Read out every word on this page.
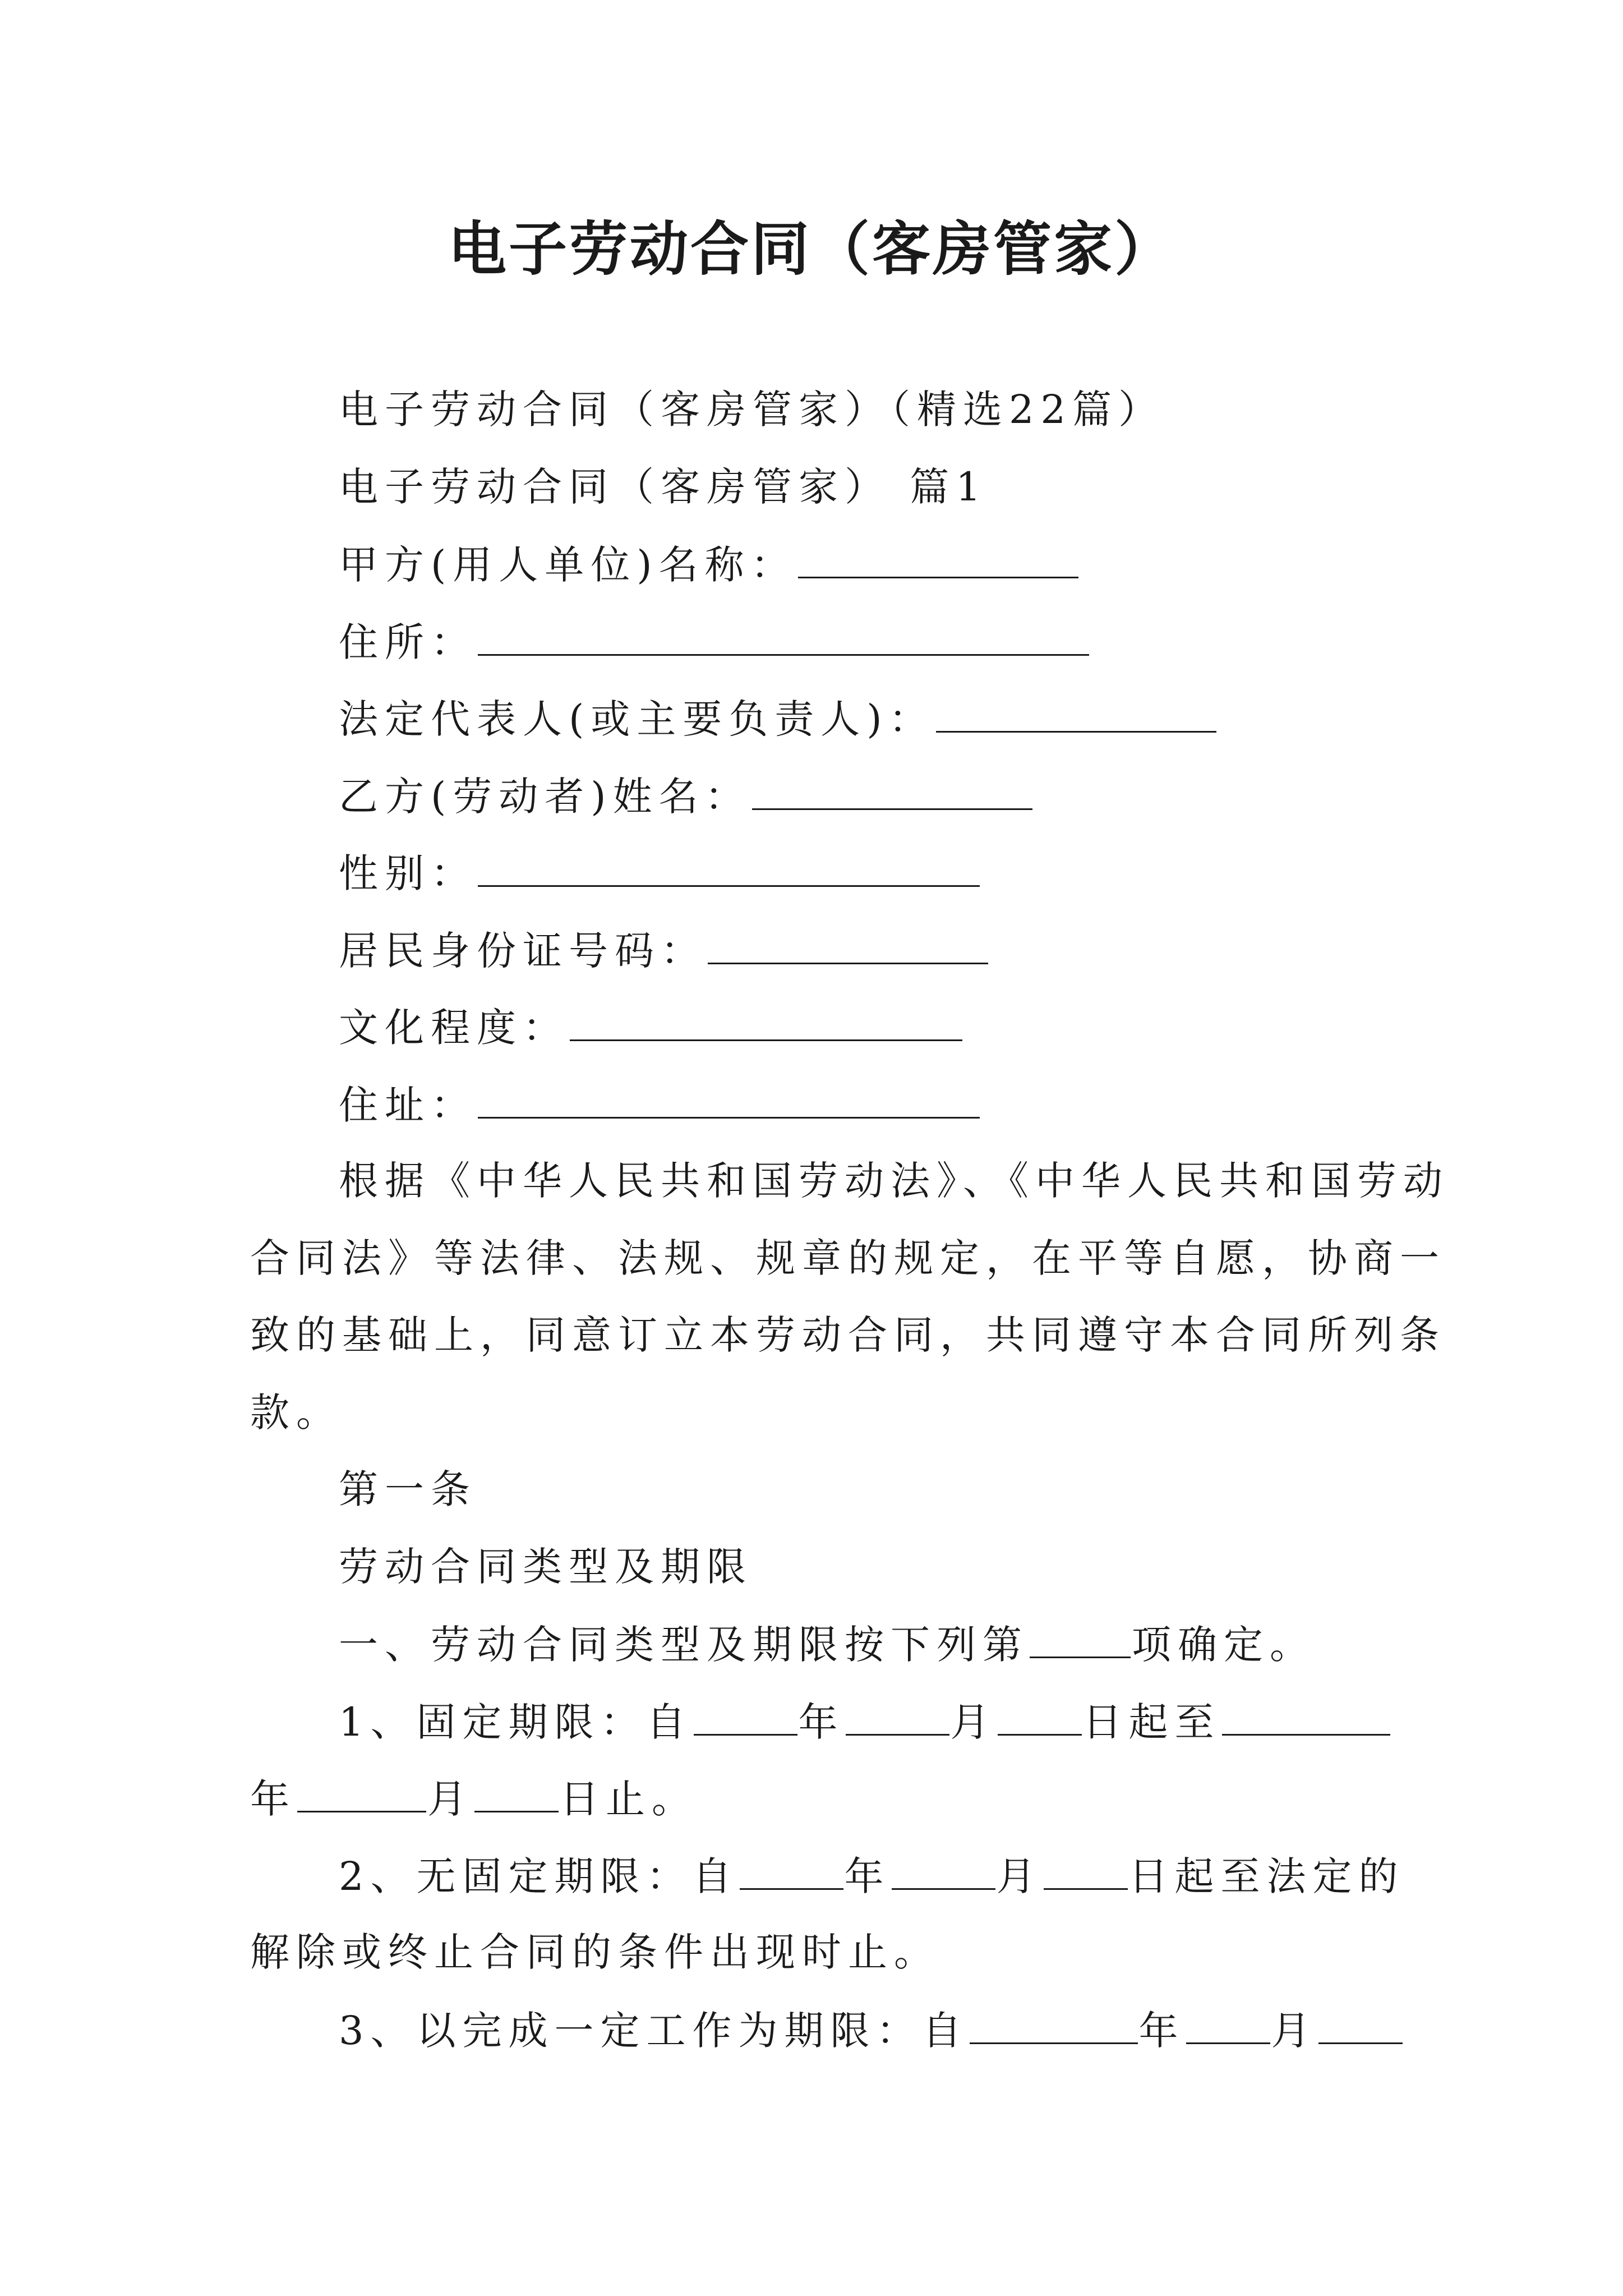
电子劳动合同（客房管家）
电子劳动合同（客房管家）（精选22篇）
电子劳动合同（客房管家） 篇1
甲方(用人单位)名称：
住所：
法定代表人(或主要负责人)：
乙方(劳动者)姓名：
性别：
居民身份证号码：
文化程度：
住址：
根据《中华人民共和国劳动法》、《中华人民共和国劳动
合同法》等法律、法规、规章的规定，在平等自愿，协商一
致的基础上，同意订立本劳动合同，共同遵守本合同所列条
款。
第一条
劳动合同类型及期限
一、劳动合同类型及期限按下列第	项确定。
1、固定期限：自	年	月 日起至
年	月 日止。
2、无固定期限：自	年	月 日起至法定的
解除或终止合同的条件出现时止。
3、以完成一定工作为期限：自	年 月
